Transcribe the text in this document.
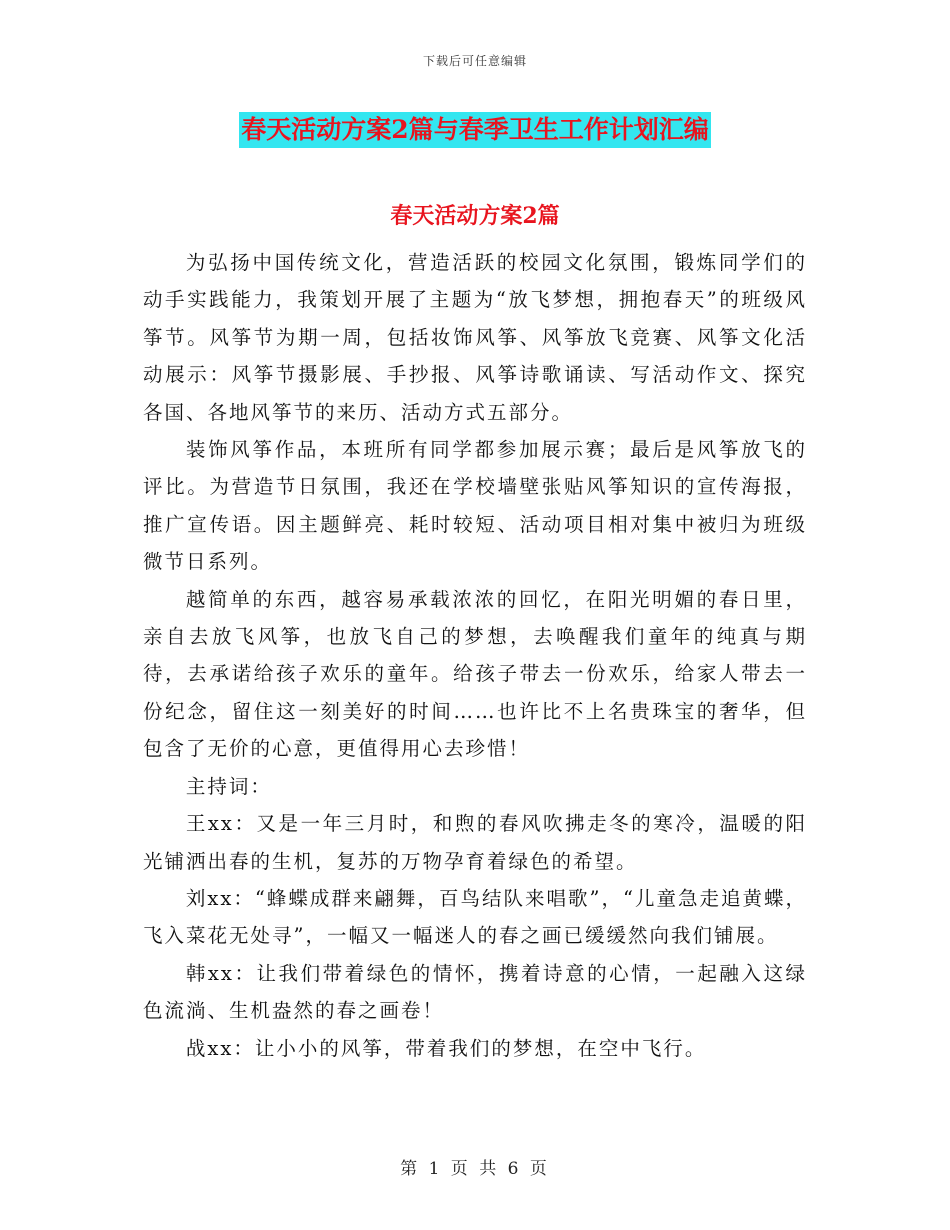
下载后可任意编辑
春天活动方案2篇与春季卫生工作计划汇编
春天活动方案2篇

为弘扬中国传统文化，营造活跃的校园文化氛围，锻炼同学们的动手实践能力，我策划开展了主题为“放飞梦想，拥抱春天”的班级风筝节。风筝节为期一周，包括妆饰风筝、风筝放飞竞赛、风筝文化活动展示：风筝节摄影展、手抄报、风筝诗歌诵读、写活动作文、探究各国、各地风筝节的来历、活动方式五部分。

装饰风筝作品，本班所有同学都参加展示赛；最后是风筝放飞的评比。为营造节日氛围，我还在学校墙壁张贴风筝知识的宣传海报，推广宣传语。因主题鲜亮、耗时较短、活动项目相对集中被归为班级微节日系列。

越简单的东西，越容易承载浓浓的回忆，在阳光明媚的春日里，亲自去放飞风筝，也放飞自己的梦想，去唤醒我们童年的纯真与期待，去承诺给孩子欢乐的童年。给孩子带去一份欢乐，给家人带去一份纪念，留住这一刻美好的时间……也许比不上名贵珠宝的奢华，但包含了无价的心意，更值得用心去珍惜！

主持词：

王xx：又是一年三月时，和煦的春风吹拂走冬的寒冷，温暖的阳光铺洒出春的生机，复苏的万物孕育着绿色的希望。

刘xx：“蜂蝶成群来翩舞，百鸟结队来唱歌”，“儿童急走追黄蝶，飞入菜花无处寻”，一幅又一幅迷人的春之画已缓缓然向我们铺展。

韩xx：让我们带着绿色的情怀，携着诗意的心情，一起融入这绿色流淌、生机盎然的春之画卷！

战xx：让小小的风筝，带着我们的梦想，在空中飞行。

第 1 页 共 6 页
